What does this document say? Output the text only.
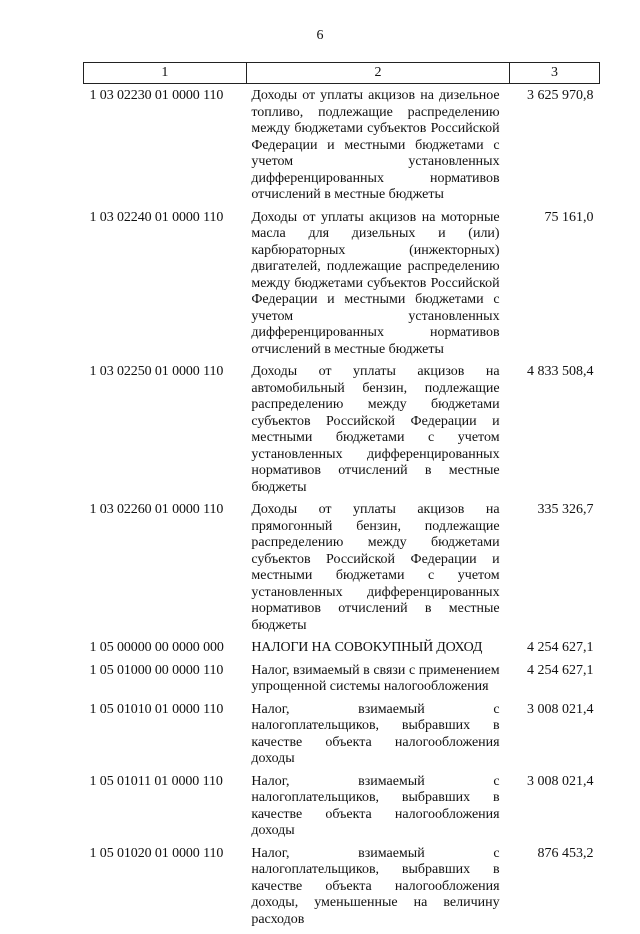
6
1	2	3
1 03 02230 01 0000 110	Доходы от уплаты акцизов на дизельное топливо, подлежащие распределению между бюджетами субъектов Российской Федерации и местными бюджетами с учетом установленных дифференцированных нормативов отчислений в местные бюджеты	3 625 970,8
1 03 02240 01 0000 110	Доходы от уплаты акцизов на моторные масла для дизельных и (или) карбюраторных (инжекторных) двигателей, подлежащие распределению между бюджетами субъектов Российской Федерации и местными бюджетами с учетом установленных дифференцированных нормативов отчислений в местные бюджеты	75 161,0
1 03 02250 01 0000 110	Доходы от уплаты акцизов на автомобильный бензин, подлежащие распределению между бюджетами субъектов Российской Федерации и местными бюджетами с учетом установленных дифференцированных нормативов отчислений в местные бюджеты	4 833 508,4
1 03 02260 01 0000 110	Доходы от уплаты акцизов на прямогонный бензин, подлежащие распределению между бюджетами субъектов Российской Федерации и местными бюджетами с учетом установленных дифференцированных нормативов отчислений в местные бюджеты	335 326,7
1 05 00000 00 0000 000	НАЛОГИ НА СОВОКУПНЫЙ ДОХОД	4 254 627,1
1 05 01000 00 0000 110	Налог, взимаемый в связи с применением упрощенной системы налогообложения	4 254 627,1
1 05 01010 01 0000 110	Налог, взимаемый с налогоплательщиков, выбравших в качестве объекта налогообложения доходы	3 008 021,4
1 05 01011 01 0000 110	Налог, взимаемый с налогоплательщиков, выбравших в качестве объекта налогообложения доходы	3 008 021,4
1 05 01020 01 0000 110	Налог, взимаемый с налогоплательщиков, выбравших в качестве объекта налогообложения доходы, уменьшенные на величину расходов	876 453,2
